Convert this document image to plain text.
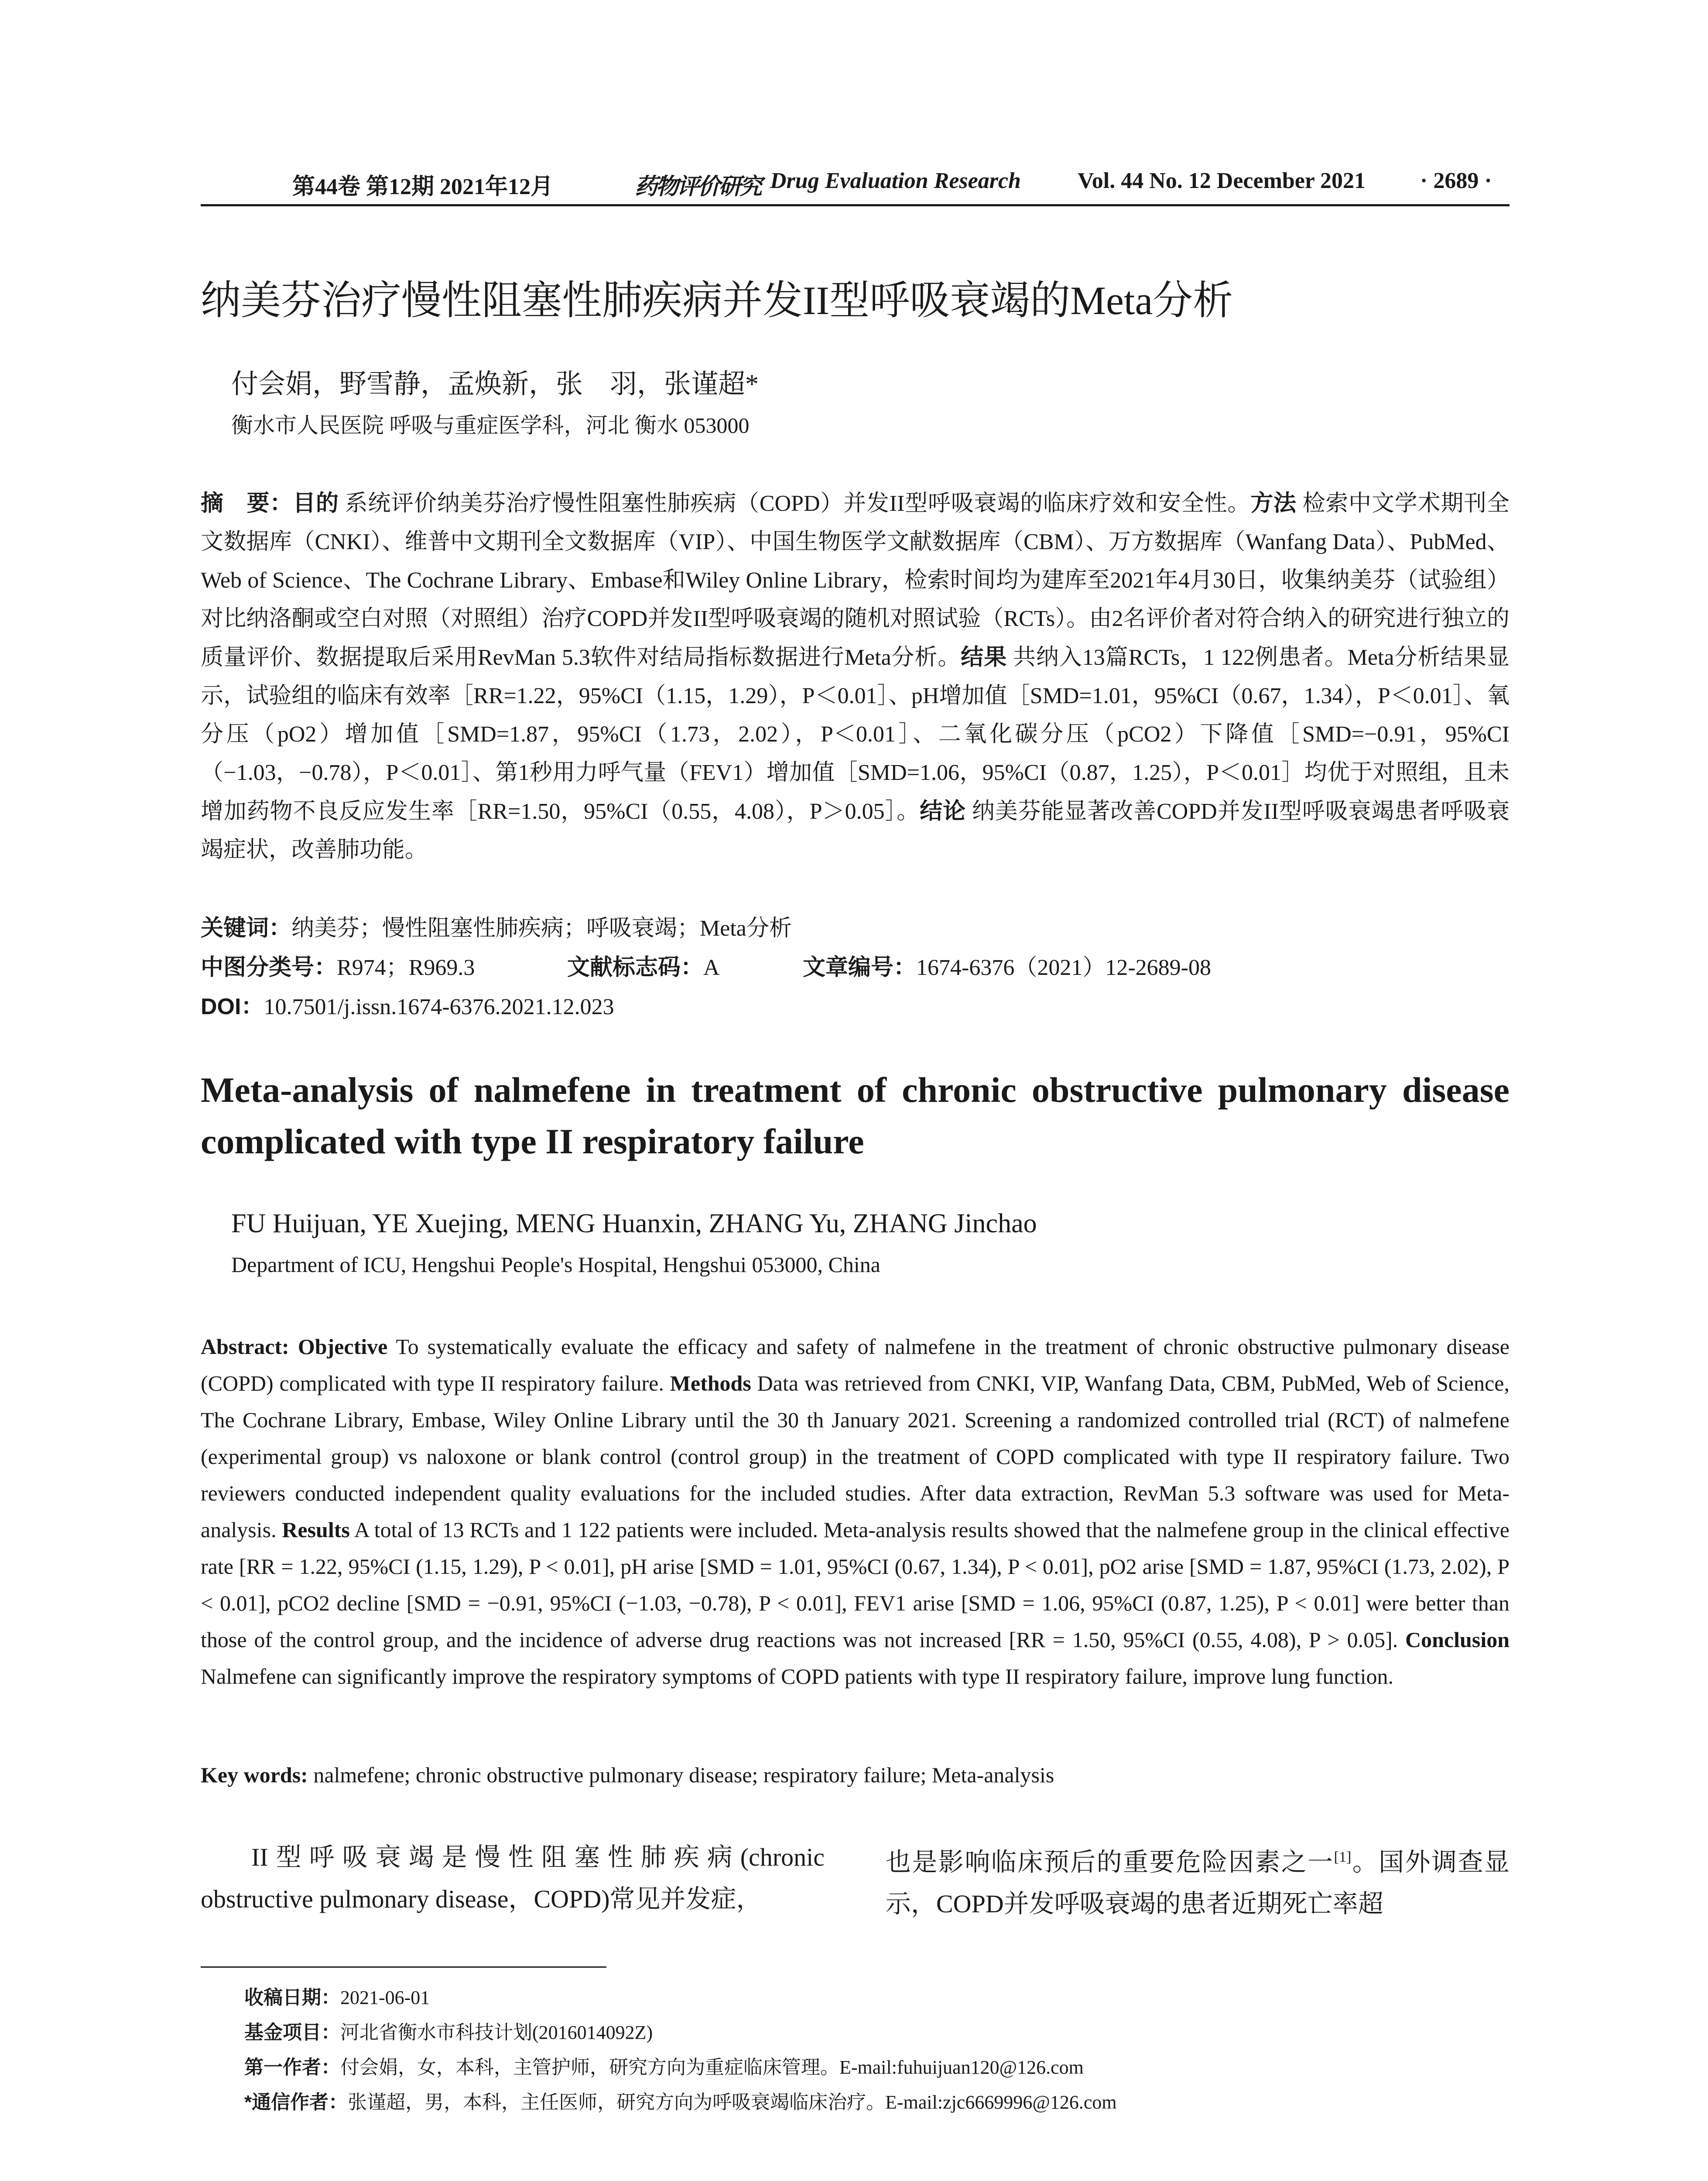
第44卷 第12期 2021年12月	药物评价研究 Drug Evaluation Research	Vol. 44 No. 12 December 2021 · 2689 ·
纳美芬治疗慢性阻塞性肺疾病并发II型呼吸衰竭的Meta分析
付会娟，野雪静，孟焕新，张　羽，张谨超*
衡水市人民医院 呼吸与重症医学科，河北 衡水 053000
摘　要：目的 系统评价纳美芬治疗慢性阻塞性肺疾病（COPD）并发II型呼吸衰竭的临床疗效和安全性。方法 检索中文学术期刊全文数据库（CNKI）、维普中文期刊全文数据库（VIP）、中国生物医学文献数据库（CBM）、万方数据库（Wanfang Data）、PubMed、Web of Science、The Cochrane Library、Embase和Wiley Online Library，检索时间均为建库至2021年4月30日，收集纳美芬（试验组）对比纳洛酮或空白对照（对照组）治疗COPD并发II型呼吸衰竭的随机对照试验（RCTs）。由2名评价者对符合纳入的研究进行独立的质量评价、数据提取后采用RevMan 5.3软件对结局指标数据进行Meta分析。结果 共纳入13篇RCTs，1 122例患者。Meta分析结果显示，试验组的临床有效率［RR=1.22，95%CI（1.15，1.29），P＜0.01］、pH增加值［SMD=1.01，95%CI（0.67，1.34），P＜0.01］、氧分压（pO2）增加值［SMD=1.87，95%CI（1.73，2.02），P＜0.01］、二氧化碳分压（pCO2）下降值［SMD=−0.91，95%CI（−1.03，−0.78），P＜0.01］、第1秒用力呼气量（FEV1）增加值［SMD=1.06，95%CI（0.87，1.25），P＜0.01］均优于对照组，且未增加药物不良反应发生率［RR=1.50，95%CI（0.55，4.08），P＞0.05］。结论 纳美芬能显著改善COPD并发II型呼吸衰竭患者呼吸衰竭症状，改善肺功能。
关键词：纳美芬；慢性阻塞性肺疾病；呼吸衰竭；Meta分析
中图分类号：R974；R969.3	文献标志码：A	文章编号：1674-6376（2021）12-2689-08
DOI：10.7501/j.issn.1674-6376.2021.12.023
Meta-analysis of nalmefene in treatment of chronic obstructive pulmonary disease complicated with type II respiratory failure
FU Huijuan, YE Xuejing, MENG Huanxin, ZHANG Yu, ZHANG Jinchao
Department of ICU, Hengshui People's Hospital, Hengshui 053000, China
Abstract: Objective To systematically evaluate the efficacy and safety of nalmefene in the treatment of chronic obstructive pulmonary disease (COPD) complicated with type II respiratory failure. Methods Data was retrieved from CNKI, VIP, Wanfang Data, CBM, PubMed, Web of Science, The Cochrane Library, Embase, Wiley Online Library until the 30 th January 2021. Screening a randomized controlled trial (RCT) of nalmefene (experimental group) vs naloxone or blank control (control group) in the treatment of COPD complicated with type II respiratory failure. Two reviewers conducted independent quality evaluations for the included studies. After data extraction, RevMan 5.3 software was used for Meta-analysis. Results A total of 13 RCTs and 1 122 patients were included. Meta-analysis results showed that the nalmefene group in the clinical effective rate [RR = 1.22, 95%CI (1.15, 1.29), P < 0.01], pH arise [SMD = 1.01, 95%CI (0.67, 1.34), P < 0.01], pO2 arise [SMD = 1.87, 95%CI (1.73, 2.02), P < 0.01], pCO2 decline [SMD = −0.91, 95%CI (−1.03, −0.78), P < 0.01], FEV1 arise [SMD = 1.06, 95%CI (0.87, 1.25), P < 0.01] were better than those of the control group, and the incidence of adverse drug reactions was not increased [RR = 1.50, 95%CI (0.55, 4.08), P > 0.05]. Conclusion Nalmefene can significantly improve the respiratory symptoms of COPD patients with type II respiratory failure, improve lung function.
Key words: nalmefene; chronic obstructive pulmonary disease; respiratory failure; Meta-analysis
II型呼吸衰竭是慢性阻塞性肺疾病(chronic obstructive pulmonary disease，COPD)常见并发症，
也是影响临床预后的重要危险因素之一[1]。国外调查显示，COPD并发呼吸衰竭的患者近期死亡率超
收稿日期：2021-06-01
基金项目：河北省衡水市科技计划(2016014092Z)
第一作者：付会娟，女，本科，主管护师，研究方向为重症临床管理。E-mail:fuhuijuan120@126.com
*通信作者：张谨超，男，本科，主任医师，研究方向为呼吸衰竭临床治疗。E-mail:zjc6669996@126.com
